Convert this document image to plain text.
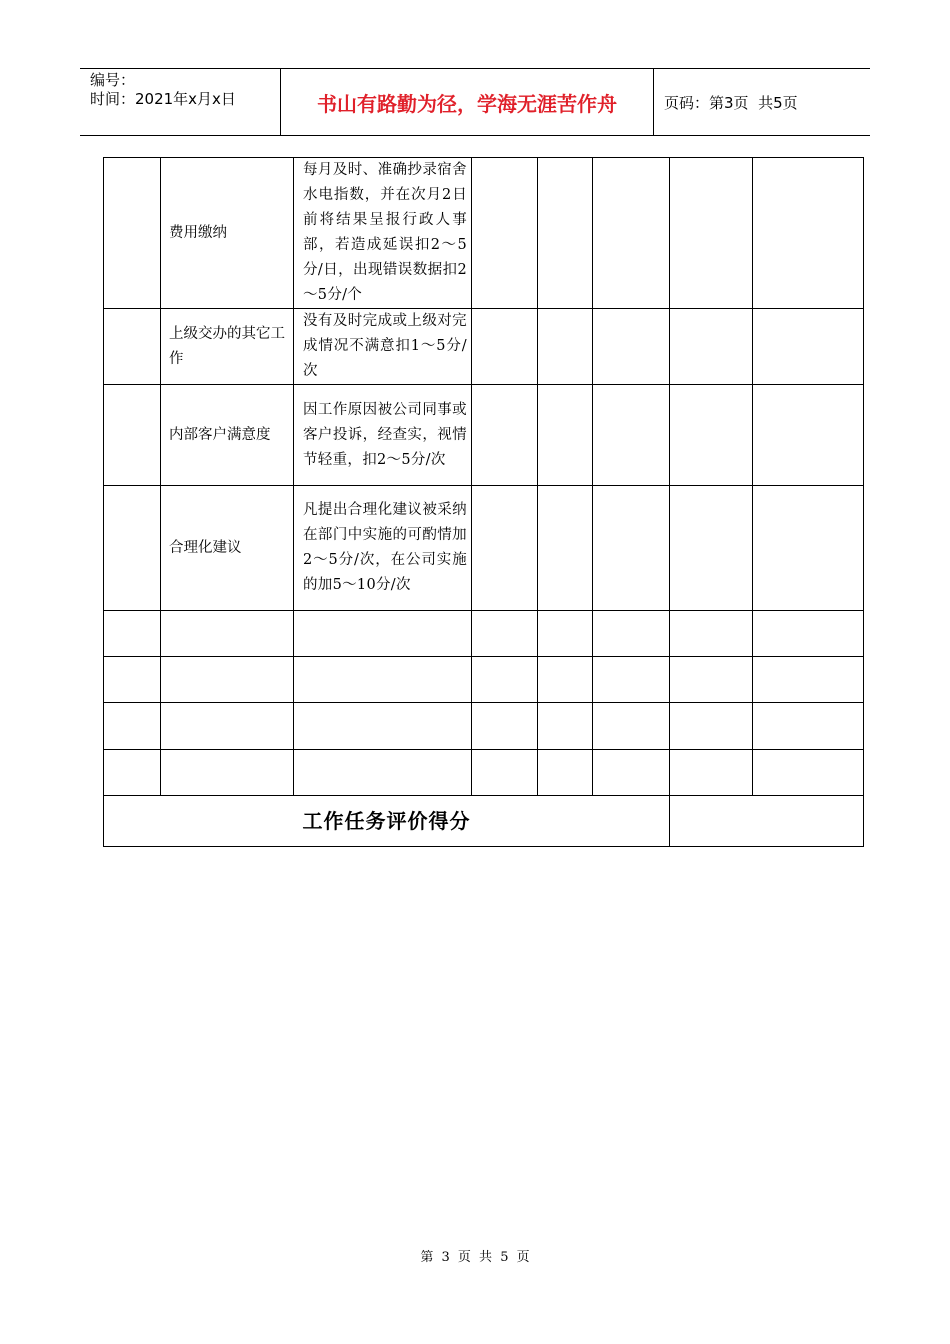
编号：
时间：2021年x月x日	书山有路勤为径，学海无涯苦作舟	页码：第3页  共5页
	费用缴纳	每月及时、准确抄录宿舍水电指数，并在次月2日前将结果呈报行政人事部，若造成延误扣2～5分/日，出现错误数据扣2～5分/个					
	上级交办的其它工作	没有及时完成或上级对完成情况不满意扣1～5分/次					
	内部客户满意度	因工作原因被公司同事或客户投诉，经查实，视情节轻重，扣2～5分/次					
	合理化建议	凡提出合理化建议被采纳在部门中实施的可酌情加2～5分/次，在公司实施的加5～10分/次					

工作任务评价得分							
第 3 页 共 5 页
